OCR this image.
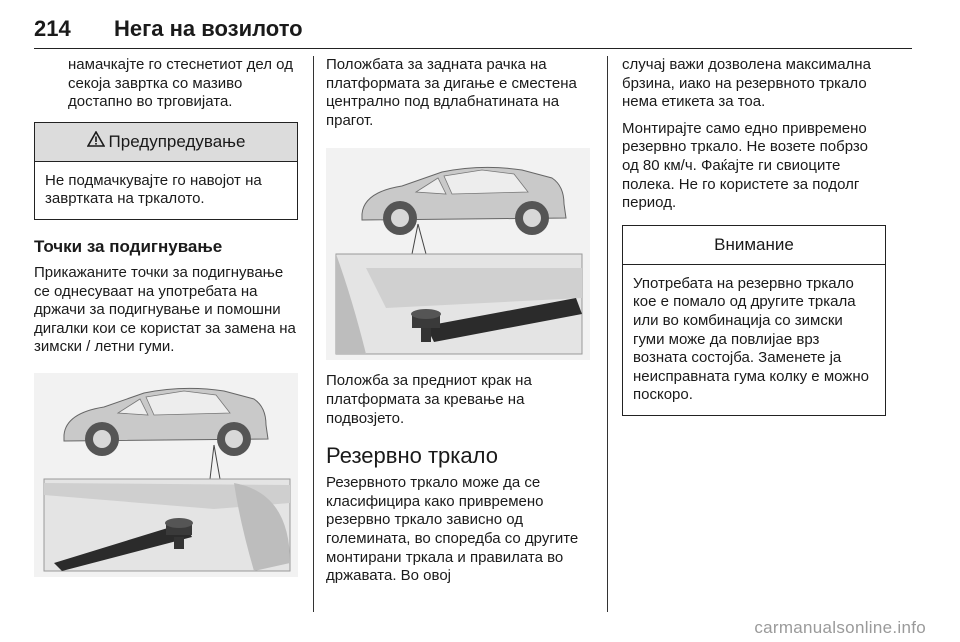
214 Нега на возилото

намачкајте го стеснетиот дел од секоја завртка со мазиво достапно во трговијата.

Предупредување

Не подмачкувајте го навојот на завртката на тркалото.

Точки за подигнување

Прикажаните точки за подигнување се однесуваат на употребата на држачи за подигнување и помошни дигалки кои се користат за замена на зимски / летни гуми.

Положбата за задната рачка на платформата за дигање е сместена централно под вдлабнатината на прагот.

Положба за предниот крак на платформата за кревање на подвозјето.

Резервно тркало

Резервното тркало може да се класифицира како привремено резервно тркало зависно од големината, во споредба со другите монтирани тркала и правилата во државата. Во овој

случај важи дозволена максимална брзина, иако на резервното тркало нема етикета за тоа.

Монтирајте само едно привремено резервно тркало. Не возете побрзо од 80 км/ч. Фаќајте ги свиоците полека. Не го користете за подолг период.

Внимание

Употребата на резервно тркало кое е помало од другите тркала или во комбинација со зимски гуми може да повлијае врз возната состојба. Заменете ја неисправната гума колку е можно поскоро.

carmanualsonline.info
